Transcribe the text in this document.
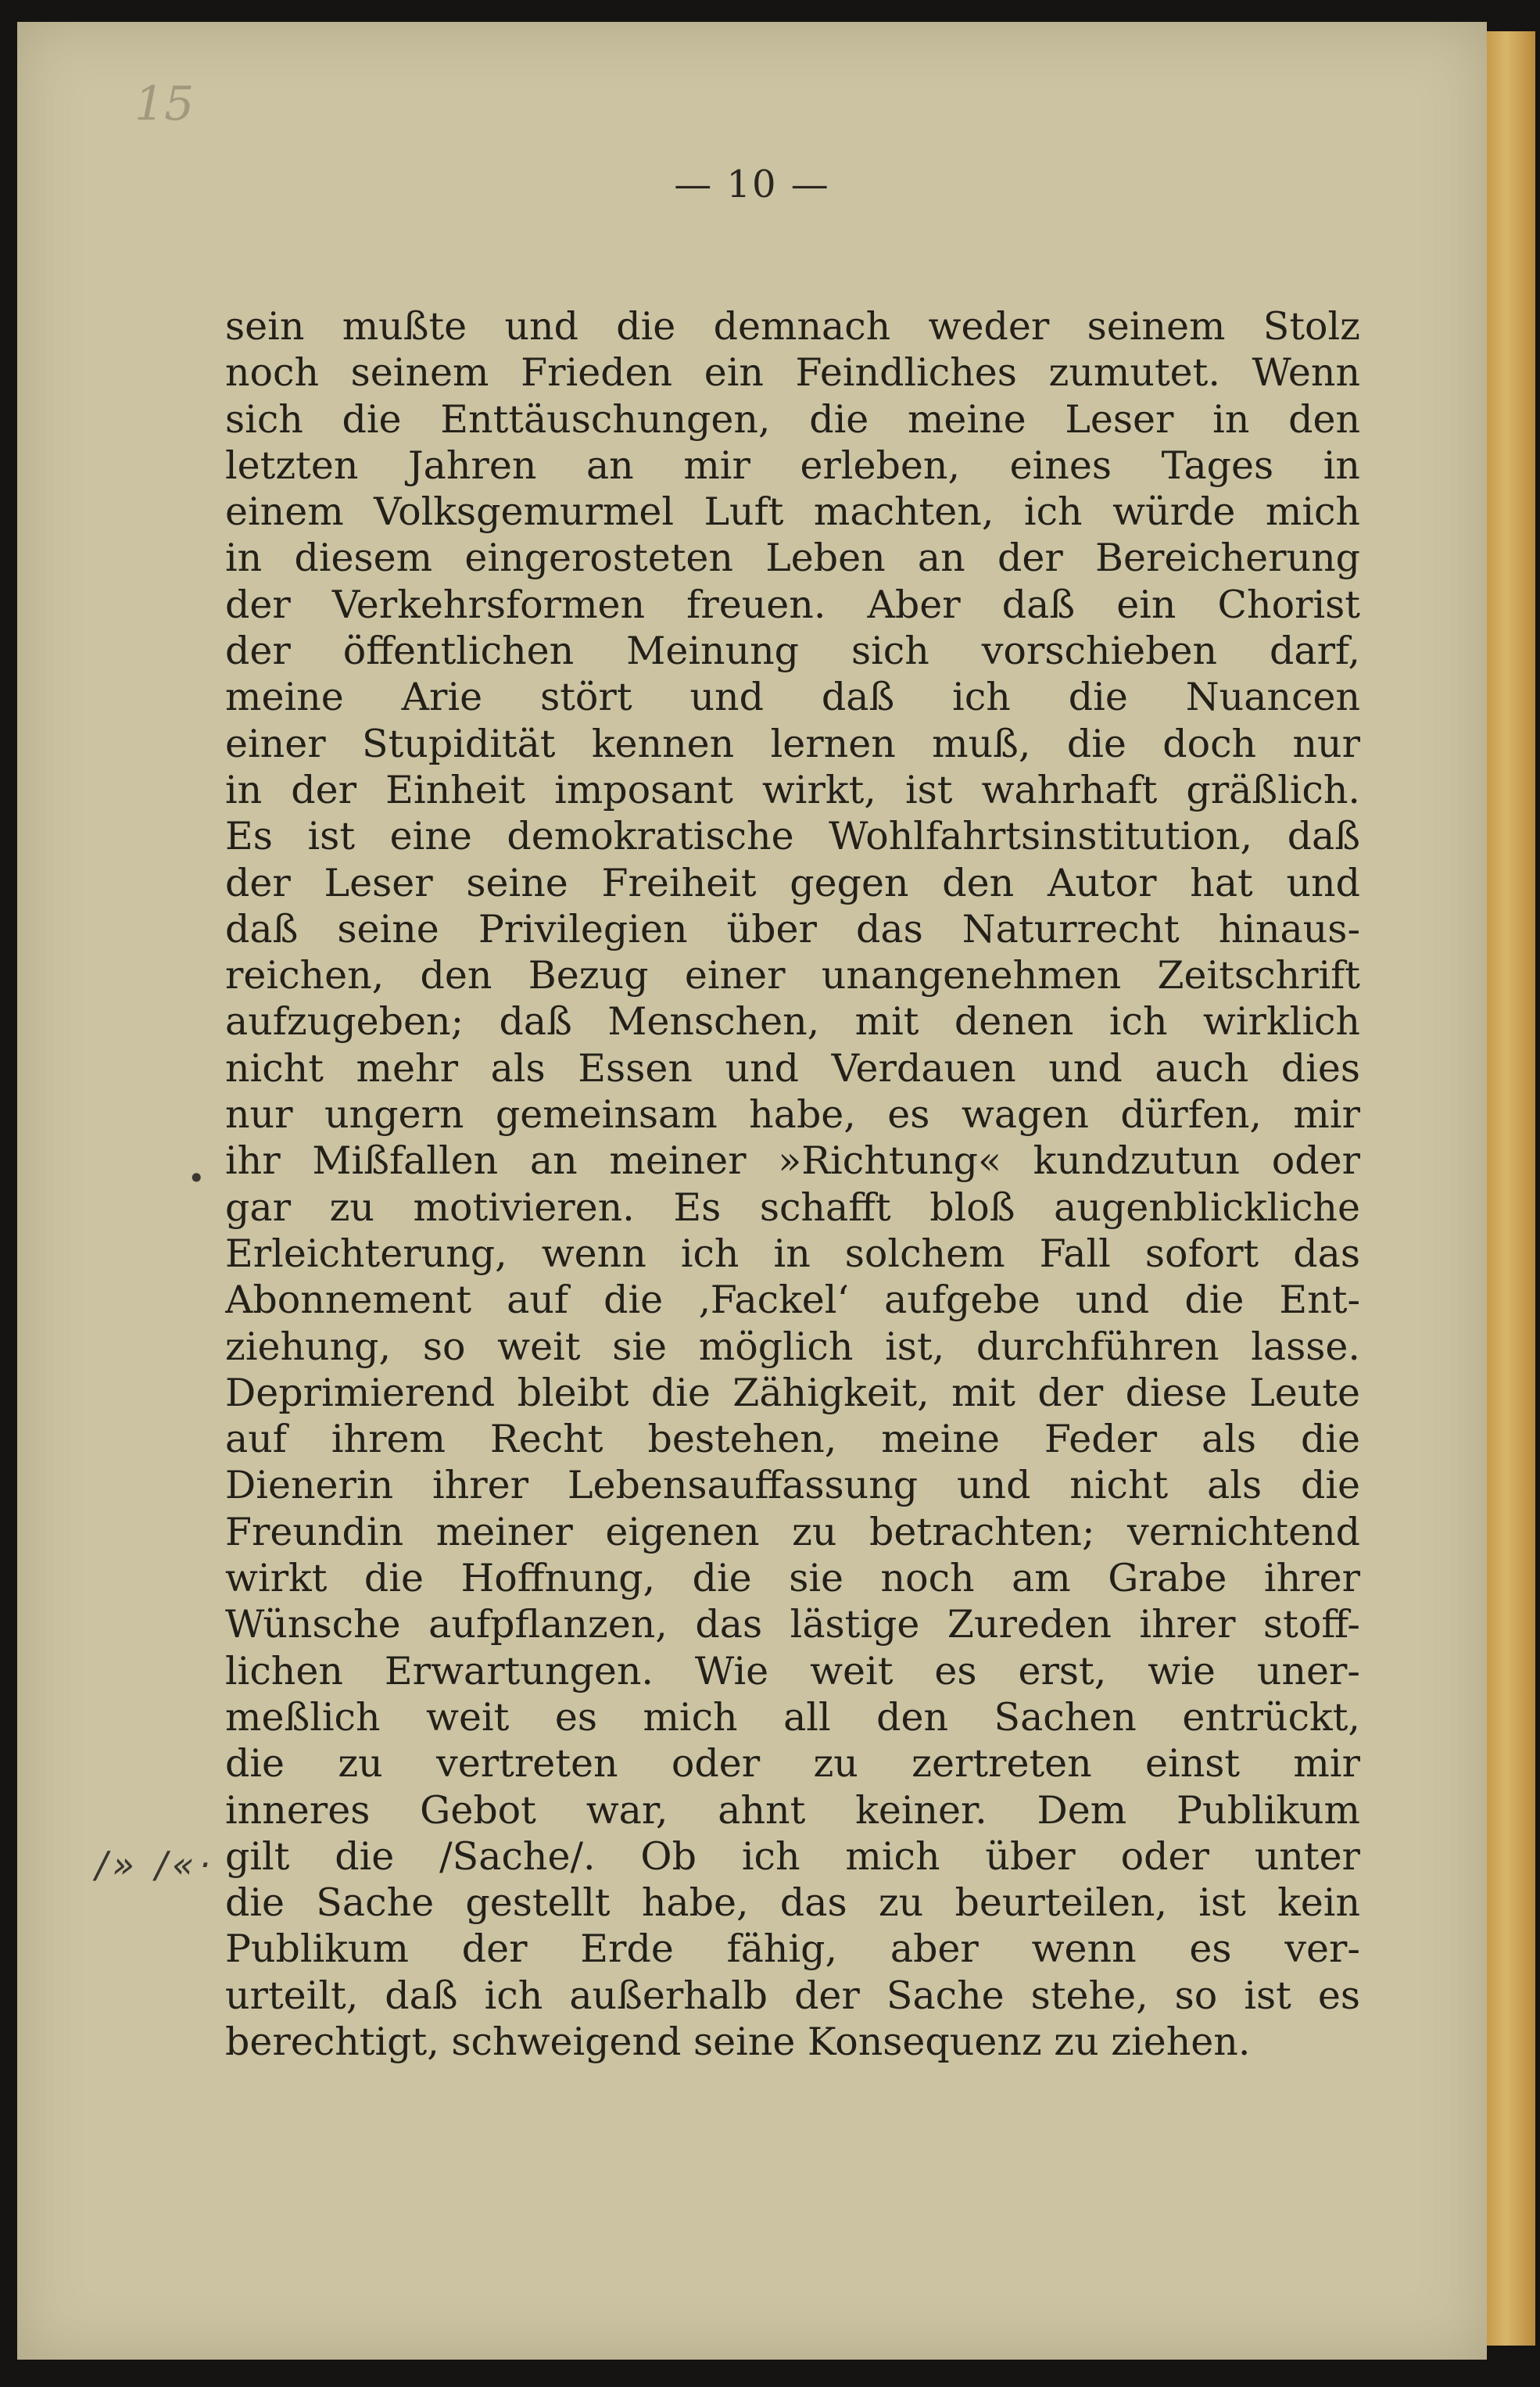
15
— 10 —
•
/» /«·
sein mußte und die demnach weder seinem Stolz
noch seinem Frieden ein Feindliches zumutet. Wenn
sich die Enttäuschungen, die meine Leser in den
letzten Jahren an mir erleben, eines Tages in
einem Volksgemurmel Luft machten, ich würde mich
in diesem eingerosteten Leben an der Bereicherung
der Verkehrsformen freuen. Aber daß ein Chorist
der öffentlichen Meinung sich vorschieben darf,
meine Arie stört und daß ich die Nuancen
einer Stupidität kennen lernen muß, die doch nur
in der Einheit imposant wirkt, ist wahrhaft gräßlich.
Es ist eine demokratische Wohlfahrtsinstitution, daß
der Leser seine Freiheit gegen den Autor hat und
daß seine Privilegien über das Naturrecht hinaus-
reichen, den Bezug einer unangenehmen Zeitschrift
aufzugeben; daß Menschen, mit denen ich wirklich
nicht mehr als Essen und Verdauen und auch dies
nur ungern gemeinsam habe, es wagen dürfen, mir
ihr Mißfallen an meiner »Richtung« kundzutun oder
gar zu motivieren. Es schafft bloß augenblickliche
Erleichterung, wenn ich in solchem Fall sofort das
Abonnement auf die ‚Fackel‘ aufgebe und die Ent-
ziehung, so weit sie möglich ist, durchführen lasse.
Deprimierend bleibt die Zähigkeit, mit der diese Leute
auf ihrem Recht bestehen, meine Feder als die
Dienerin ihrer Lebensauffassung und nicht als die
Freundin meiner eigenen zu betrachten; vernichtend
wirkt die Hoffnung, die sie noch am Grabe ihrer
Wünsche aufpflanzen, das lästige Zureden ihrer stoff-
lichen Erwartungen. Wie weit es erst, wie uner-
meßlich weit es mich all den Sachen entrückt,
die zu vertreten oder zu zertreten einst mir
inneres Gebot war, ahnt keiner. Dem Publikum
gilt die /Sache/. Ob ich mich über oder unter
die Sache gestellt habe, das zu beurteilen, ist kein
Publikum der Erde fähig, aber wenn es ver-
urteilt, daß ich außerhalb der Sache stehe, so ist es
berechtigt, schweigend seine Konsequenz zu ziehen.
